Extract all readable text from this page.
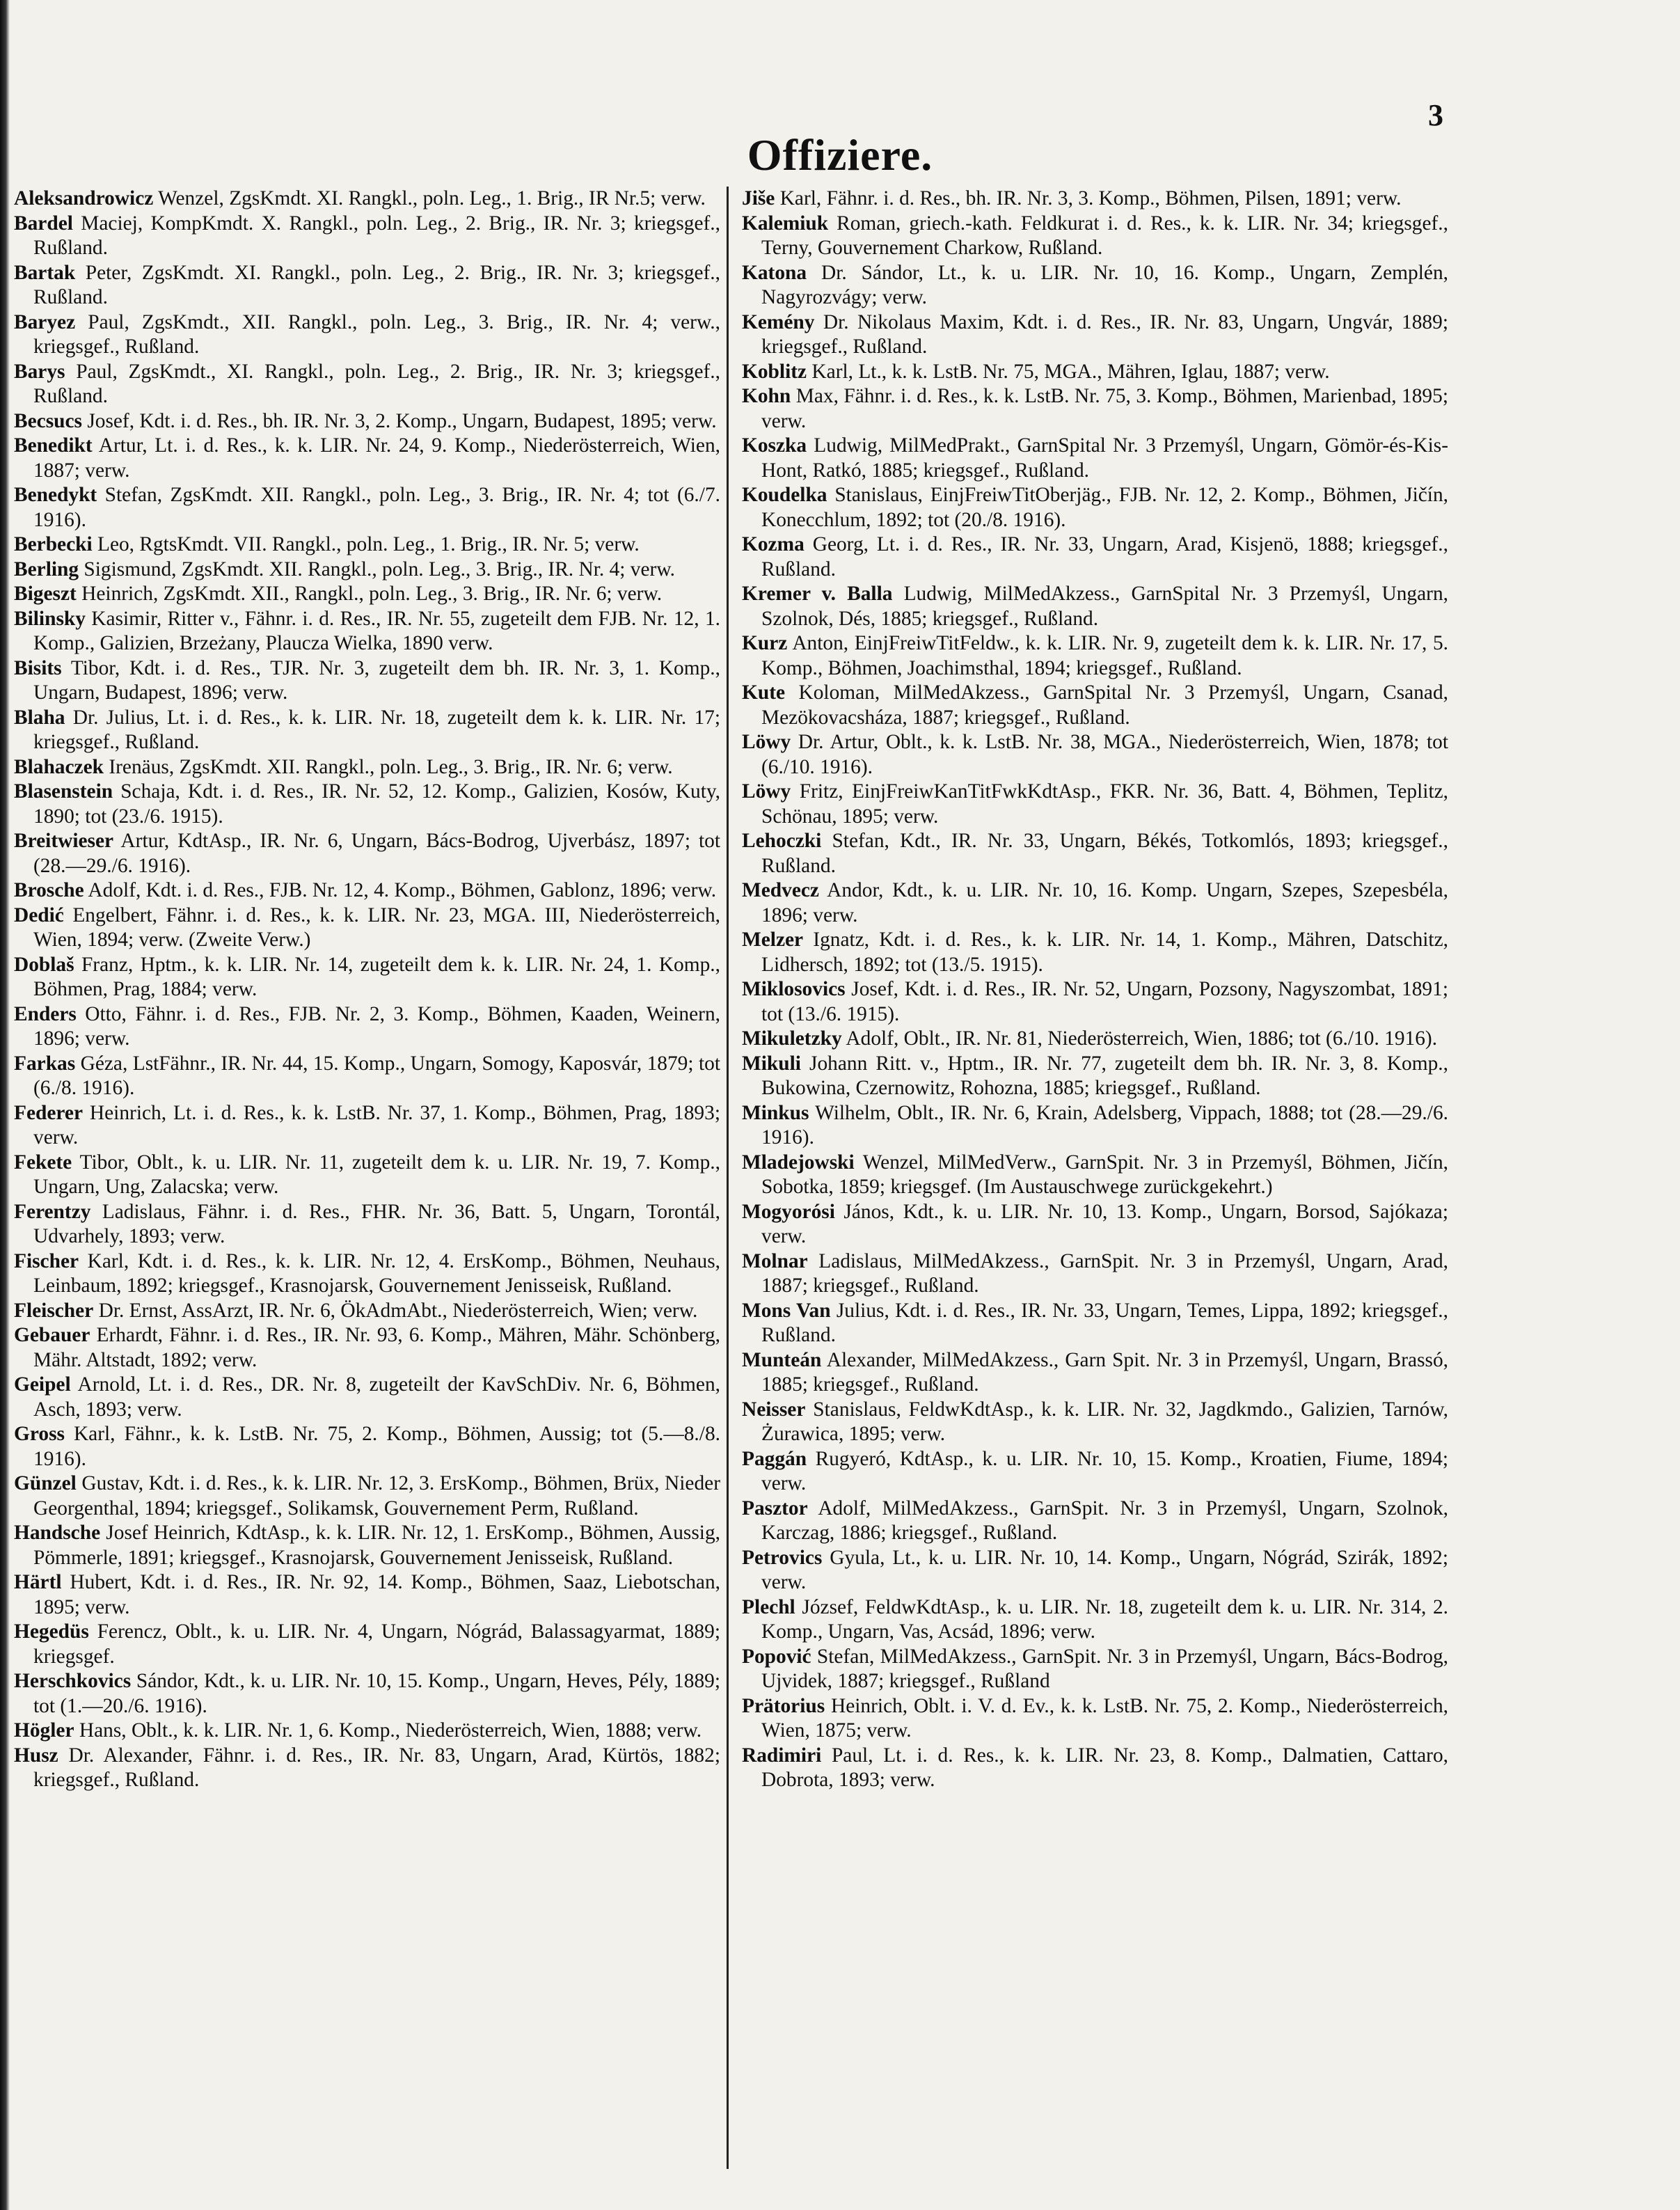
3
Offiziere.

Aleksandrowicz Wenzel, ZgsKmdt. XI. Rangkl., poln. Leg., 1. Brig., IR Nr.5; verw.

Bardel Maciej, KompKmdt. X. Rangkl., poln. Leg., 2. Brig., IR. Nr. 3; kriegsgef., Rußland.

Bartak Peter, ZgsKmdt. XI. Rangkl., poln. Leg., 2. Brig., IR. Nr. 3; kriegsgef., Rußland.

Baryez Paul, ZgsKmdt., XII. Rangkl., poln. Leg., 3. Brig., IR. Nr. 4; verw., kriegsgef., Rußland.

Barys Paul, ZgsKmdt., XI. Rangkl., poln. Leg., 2. Brig., IR. Nr. 3; kriegsgef., Rußland.

Becsucs Josef, Kdt. i. d. Res., bh. IR. Nr. 3, 2. Komp., Ungarn, Budapest, 1895; verw.

Benedikt Artur, Lt. i. d. Res., k. k. LIR. Nr. 24, 9. Komp., Niederösterreich, Wien, 1887; verw.

Benedykt Stefan, ZgsKmdt. XII. Rangkl., poln. Leg., 3. Brig., IR. Nr. 4; tot (6./7. 1916).

Berbecki Leo, RgtsKmdt. VII. Rangkl., poln. Leg., 1. Brig., IR. Nr. 5; verw.

Berling Sigismund, ZgsKmdt. XII. Rangkl., poln. Leg., 3. Brig., IR. Nr. 4; verw.

Bigeszt Heinrich, ZgsKmdt. XII., Rangkl., poln. Leg., 3. Brig., IR. Nr. 6; verw.

Bilinsky Kasimir, Ritter v., Fähnr. i. d. Res., IR. Nr. 55, zugeteilt dem FJB. Nr. 12, 1. Komp., Galizien, Brzeżany, Plaucza Wielka, 1890 verw.

Bisits Tibor, Kdt. i. d. Res., TJR. Nr. 3, zugeteilt dem bh. IR. Nr. 3, 1. Komp., Ungarn, Budapest, 1896; verw.

Blaha Dr. Julius, Lt. i. d. Res., k. k. LIR. Nr. 18, zugeteilt dem k. k. LIR. Nr. 17; kriegsgef., Rußland.

Blahaczek Irenäus, ZgsKmdt. XII. Rangkl., poln. Leg., 3. Brig., IR. Nr. 6; verw.

Blasenstein Schaja, Kdt. i. d. Res., IR. Nr. 52, 12. Komp., Galizien, Kosów, Kuty, 1890; tot (23./6. 1915).

Breitwieser Artur, KdtAsp., IR. Nr. 6, Ungarn, Bács-Bodrog, Ujverbász, 1897; tot (28.—29./6. 1916).

Brosche Adolf, Kdt. i. d. Res., FJB. Nr. 12, 4. Komp., Böhmen, Gablonz, 1896; verw.

Dedić Engelbert, Fähnr. i. d. Res., k. k. LIR. Nr. 23, MGA. III, Niederösterreich, Wien, 1894; verw. (Zweite Verw.)

Doblaš Franz, Hptm., k. k. LIR. Nr. 14, zugeteilt dem k. k. LIR. Nr. 24, 1. Komp., Böhmen, Prag, 1884; verw.

Enders Otto, Fähnr. i. d. Res., FJB. Nr. 2, 3. Komp., Böhmen, Kaaden, Weinern, 1896; verw.

Farkas Géza, LstFähnr., IR. Nr. 44, 15. Komp., Ungarn, Somogy, Kaposvár, 1879; tot (6./8. 1916).

Federer Heinrich, Lt. i. d. Res., k. k. LstB. Nr. 37, 1. Komp., Böhmen, Prag, 1893; verw.

Fekete Tibor, Oblt., k. u. LIR. Nr. 11, zugeteilt dem k. u. LIR. Nr. 19, 7. Komp., Ungarn, Ung, Zalacska; verw.

Ferentzy Ladislaus, Fähnr. i. d. Res., FHR. Nr. 36, Batt. 5, Ungarn, Torontál, Udvarhely, 1893; verw.

Fischer Karl, Kdt. i. d. Res., k. k. LIR. Nr. 12, 4. ErsKomp., Böhmen, Neuhaus, Leinbaum, 1892; kriegsgef., Krasnojarsk, Gouvernement Jenisseisk, Rußland.

Fleischer Dr. Ernst, AssArzt, IR. Nr. 6, ÖkAdmAbt., Niederösterreich, Wien; verw.

Gebauer Erhardt, Fähnr. i. d. Res., IR. Nr. 93, 6. Komp., Mähren, Mähr. Schönberg, Mähr. Altstadt, 1892; verw.

Geipel Arnold, Lt. i. d. Res., DR. Nr. 8, zugeteilt der KavSchDiv. Nr. 6, Böhmen, Asch, 1893; verw.

Gross Karl, Fähnr., k. k. LstB. Nr. 75, 2. Komp., Böhmen, Aussig; tot (5.—8./8. 1916).

Günzel Gustav, Kdt. i. d. Res., k. k. LIR. Nr. 12, 3. ErsKomp., Böhmen, Brüx, Nieder Georgenthal, 1894; kriegsgef., Solikamsk, Gouvernement Perm, Rußland.

Handsche Josef Heinrich, KdtAsp., k. k. LIR. Nr. 12, 1. ErsKomp., Böhmen, Aussig, Pömmerle, 1891; kriegsgef., Krasnojarsk, Gouvernement Jenisseisk, Rußland.

Härtl Hubert, Kdt. i. d. Res., IR. Nr. 92, 14. Komp., Böhmen, Saaz, Liebotschan, 1895; verw.

Hegedüs Ferencz, Oblt., k. u. LIR. Nr. 4, Ungarn, Nógrád, Balassagyarmat, 1889; kriegsgef.

Herschkovics Sándor, Kdt., k. u. LIR. Nr. 10, 15. Komp., Ungarn, Heves, Pély, 1889; tot (1.—20./6. 1916).

Högler Hans, Oblt., k. k. LIR. Nr. 1, 6. Komp., Niederösterreich, Wien, 1888; verw.

Husz Dr. Alexander, Fähnr. i. d. Res., IR. Nr. 83, Ungarn, Arad, Kürtös, 1882; kriegsgef., Rußland.

Jiše Karl, Fähnr. i. d. Res., bh. IR. Nr. 3, 3. Komp., Böhmen, Pilsen, 1891; verw.

Kalemiuk Roman, griech.-kath. Feldkurat i. d. Res., k. k. LIR. Nr. 34; kriegsgef., Terny, Gouvernement Charkow, Rußland.

Katona Dr. Sándor, Lt., k. u. LIR. Nr. 10, 16. Komp., Ungarn, Zemplén, Nagyrozvágy; verw.

Kemény Dr. Nikolaus Maxim, Kdt. i. d. Res., IR. Nr. 83, Ungarn, Ungvár, 1889; kriegsgef., Rußland.

Koblitz Karl, Lt., k. k. LstB. Nr. 75, MGA., Mähren, Iglau, 1887; verw.

Kohn Max, Fähnr. i. d. Res., k. k. LstB. Nr. 75, 3. Komp., Böhmen, Marienbad, 1895; verw.

Koszka Ludwig, MilMedPrakt., GarnSpital Nr. 3 Przemyśl, Ungarn, Gömör-és-Kis-Hont, Ratkó, 1885; kriegsgef., Rußland.

Koudelka Stanislaus, EinjFreiwTitOberjäg., FJB. Nr. 12, 2. Komp., Böhmen, Jičín, Konecchlum, 1892; tot (20./8. 1916).

Kozma Georg, Lt. i. d. Res., IR. Nr. 33, Ungarn, Arad, Kisjenö, 1888; kriegsgef., Rußland.

Kremer v. Balla Ludwig, MilMedAkzess., GarnSpital Nr. 3 Przemyśl, Ungarn, Szolnok, Dés, 1885; kriegsgef., Rußland.

Kurz Anton, EinjFreiwTitFeldw., k. k. LIR. Nr. 9, zugeteilt dem k. k. LIR. Nr. 17, 5. Komp., Böhmen, Joachimsthal, 1894; kriegsgef., Rußland.

Kute Koloman, MilMedAkzess., GarnSpital Nr. 3 Przemyśl, Ungarn, Csanad, Mezökovacsháza, 1887; kriegsgef., Rußland.

Löwy Dr. Artur, Oblt., k. k. LstB. Nr. 38, MGA., Niederösterreich, Wien, 1878; tot (6./10. 1916).

Löwy Fritz, EinjFreiwKanTitFwkKdtAsp., FKR. Nr. 36, Batt. 4, Böhmen, Teplitz, Schönau, 1895; verw.

Lehoczki Stefan, Kdt., IR. Nr. 33, Ungarn, Békés, Totkomlós, 1893; kriegsgef., Rußland.

Medvecz Andor, Kdt., k. u. LIR. Nr. 10, 16. Komp. Ungarn, Szepes, Szepesbéla, 1896; verw.

Melzer Ignatz, Kdt. i. d. Res., k. k. LIR. Nr. 14, 1. Komp., Mähren, Datschitz, Lidhersch, 1892; tot (13./5. 1915).

Miklosovics Josef, Kdt. i. d. Res., IR. Nr. 52, Ungarn, Pozsony, Nagyszombat, 1891; tot (13./6. 1915).

Mikuletzky Adolf, Oblt., IR. Nr. 81, Niederösterreich, Wien, 1886; tot (6./10. 1916).

Mikuli Johann Ritt. v., Hptm., IR. Nr. 77, zugeteilt dem bh. IR. Nr. 3, 8. Komp., Bukowina, Czernowitz, Rohozna, 1885; kriegsgef., Rußland.

Minkus Wilhelm, Oblt., IR. Nr. 6, Krain, Adelsberg, Vippach, 1888; tot (28.—29./6. 1916).

Mladejowski Wenzel, MilMedVerw., GarnSpit. Nr. 3 in Przemyśl, Böhmen, Jičín, Sobotka, 1859; kriegsgef. (Im Austauschwege zurückgekehrt.)

Mogyorósi János, Kdt., k. u. LIR. Nr. 10, 13. Komp., Ungarn, Borsod, Sajókaza; verw.

Molnar Ladislaus, MilMedAkzess., GarnSpit. Nr. 3 in Przemyśl, Ungarn, Arad, 1887; kriegsgef., Rußland.

Mons Van Julius, Kdt. i. d. Res., IR. Nr. 33, Ungarn, Temes, Lippa, 1892; kriegsgef., Rußland.

Munteán Alexander, MilMedAkzess., Garn Spit. Nr. 3 in Przemyśl, Ungarn, Brassó, 1885; kriegsgef., Rußland.

Neisser Stanislaus, FeldwKdtAsp., k. k. LIR. Nr. 32, Jagdkmdo., Galizien, Tarnów, Żurawica, 1895; verw.

Paggán Rugyeró, KdtAsp., k. u. LIR. Nr. 10, 15. Komp., Kroatien, Fiume, 1894; verw.

Pasztor Adolf, MilMedAkzess., GarnSpit. Nr. 3 in Przemyśl, Ungarn, Szolnok, Karczag, 1886; kriegsgef., Rußland.

Petrovics Gyula, Lt., k. u. LIR. Nr. 10, 14. Komp., Ungarn, Nógrád, Szirák, 1892; verw.

Plechl József, FeldwKdtAsp., k. u. LIR. Nr. 18, zugeteilt dem k. u. LIR. Nr. 314, 2. Komp., Ungarn, Vas, Acsád, 1896; verw.

Popović Stefan, MilMedAkzess., GarnSpit. Nr. 3 in Przemyśl, Ungarn, Bács-Bodrog, Ujvidek, 1887; kriegsgef., Rußland

Prätorius Heinrich, Oblt. i. V. d. Ev., k. k. LstB. Nr. 75, 2. Komp., Niederösterreich, Wien, 1875; verw.

Radimiri Paul, Lt. i. d. Res., k. k. LIR. Nr. 23, 8. Komp., Dalmatien, Cattaro, Dobrota, 1893; verw.
